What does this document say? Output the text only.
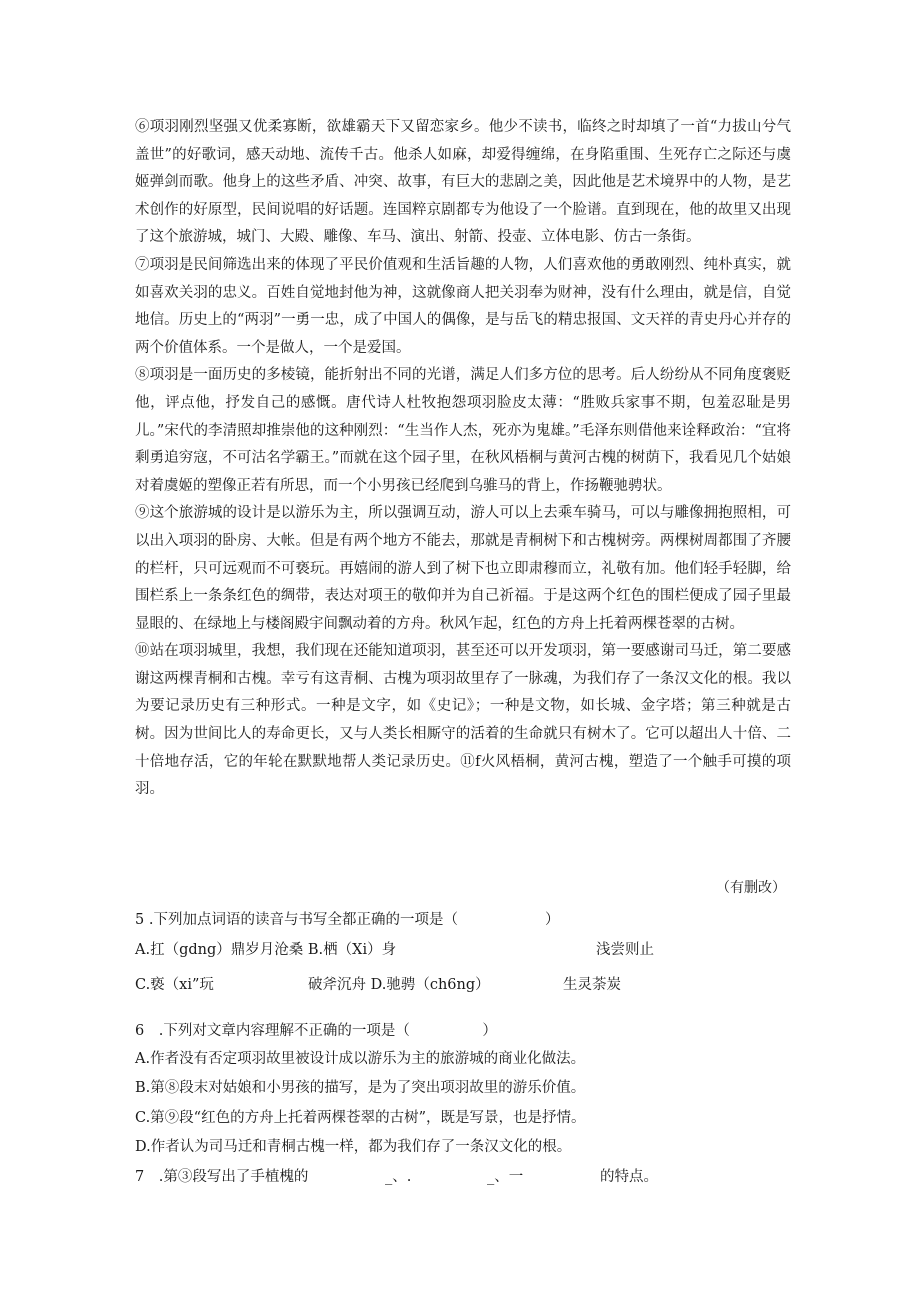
⑥项羽刚烈坚强又优柔寡断，欲雄霸天下又留恋家乡。他少不读书，临终之时却填了一首“力拔山兮气盖世”的好歌词，感天动地、流传千古。他杀人如麻，却爱得缠绵，在身陷重围、生死存亡之际还与虞姬弹剑而歌。他身上的这些矛盾、冲突、故事，有巨大的悲剧之美，因此他是艺术境界中的人物，是艺术创作的好原型，民间说唱的好话题。连国粹京剧都专为他设了一个脸谱。直到现在，他的故里又出现了这个旅游城，城门、大殿、雕像、车马、演出、射箭、投壶、立体电影、仿古一条街。

⑦项羽是民间筛选出来的体现了平民价值观和生活旨趣的人物，人们喜欢他的勇敢刚烈、纯朴真实，就如喜欢关羽的忠义。百姓自觉地封他为神，这就像商人把关羽奉为财神，没有什么理由，就是信，自觉地信。历史上的“两羽”一勇一忠，成了中国人的偶像，是与岳飞的精忠报国、文天祥的青史丹心并存的两个价值体系。一个是做人，一个是爱国。

⑧项羽是一面历史的多棱镜，能折射出不同的光谱，满足人们多方位的思考。后人纷纷从不同角度褒贬他，评点他，抒发自己的感慨。唐代诗人杜牧抱怨项羽脸皮太薄：“胜败兵家事不期，包羞忍耻是男儿。”宋代的李清照却推崇他的这种刚烈：“生当作人杰，死亦为鬼雄。”毛泽东则借他来诠释政治：“宜将剩勇追穷寇，不可沽名学霸王。”而就在这个园子里，在秋风梧桐与黄河古槐的树荫下，我看见几个姑娘对着虞姬的塑像正若有所思，而一个小男孩已经爬到乌骓马的背上，作扬鞭驰骋状。

⑨这个旅游城的设计是以游乐为主，所以强调互动，游人可以上去乘车骑马，可以与雕像拥抱照相，可以出入项羽的卧房、大帐。但是有两个地方不能去，那就是青桐树下和古槐树旁。两棵树周都围了齐腰的栏杆，只可远观而不可亵玩。再嬉闹的游人到了树下也立即肃穆而立，礼敬有加。他们轻手轻脚，给围栏系上一条条红色的绸带，表达对项王的敬仰并为自己祈福。于是这两个红色的围栏便成了园子里最显眼的、在绿地上与楼阁殿宇间飘动着的方舟。秋风乍起，红色的方舟上托着两棵苍翠的古树。

⑩站在项羽城里，我想，我们现在还能知道项羽，甚至还可以开发项羽，第一要感谢司马迁，第二要感谢这两棵青桐和古槐。幸亏有这青桐、古槐为项羽故里存了一脉魂，为我们存了一条汉文化的根。我以为要记录历史有三种形式。一种是文字，如《史记》；一种是文物，如长城、金字塔；第三种就是古树。因为世间比人的寿命更长，又与人类长相厮守的活着的生命就只有树木了。它可以超出人十倍、二十倍地存活，它的年轮在默默地帮人类记录历史。⑪f火风梧桐，黄河古槐，塑造了一个触手可摸的项羽。

（有删改）
5 .下列加点词语的读音与书写全都正确的一项是（　　　　　　）
A.扛（gdng）鼎岁月沧桑 B.栖（Xi）身	浅尝则止
C.亵（xi”玩	破斧沉舟 D.驰骋（ch6ng）	生灵荼炭
6　.下列对文章内容理解不正确的一项是（　　　　　）
A.作者没有否定项羽故里被设计成以游乐为主的旅游城的商业化做法。
B.第⑧段末对姑娘和小男孩的描写，是为了突出项羽故里的游乐价值。
C.第⑨段“红色的方舟上托着两棵苍翠的古树”，既是写景，也是抒情。
D.作者认为司马迁和青桐古槐一样，都为我们存了一条汉文化的根。
7　.第③段写出了手植槐的	_、.	_、一	的特点。
